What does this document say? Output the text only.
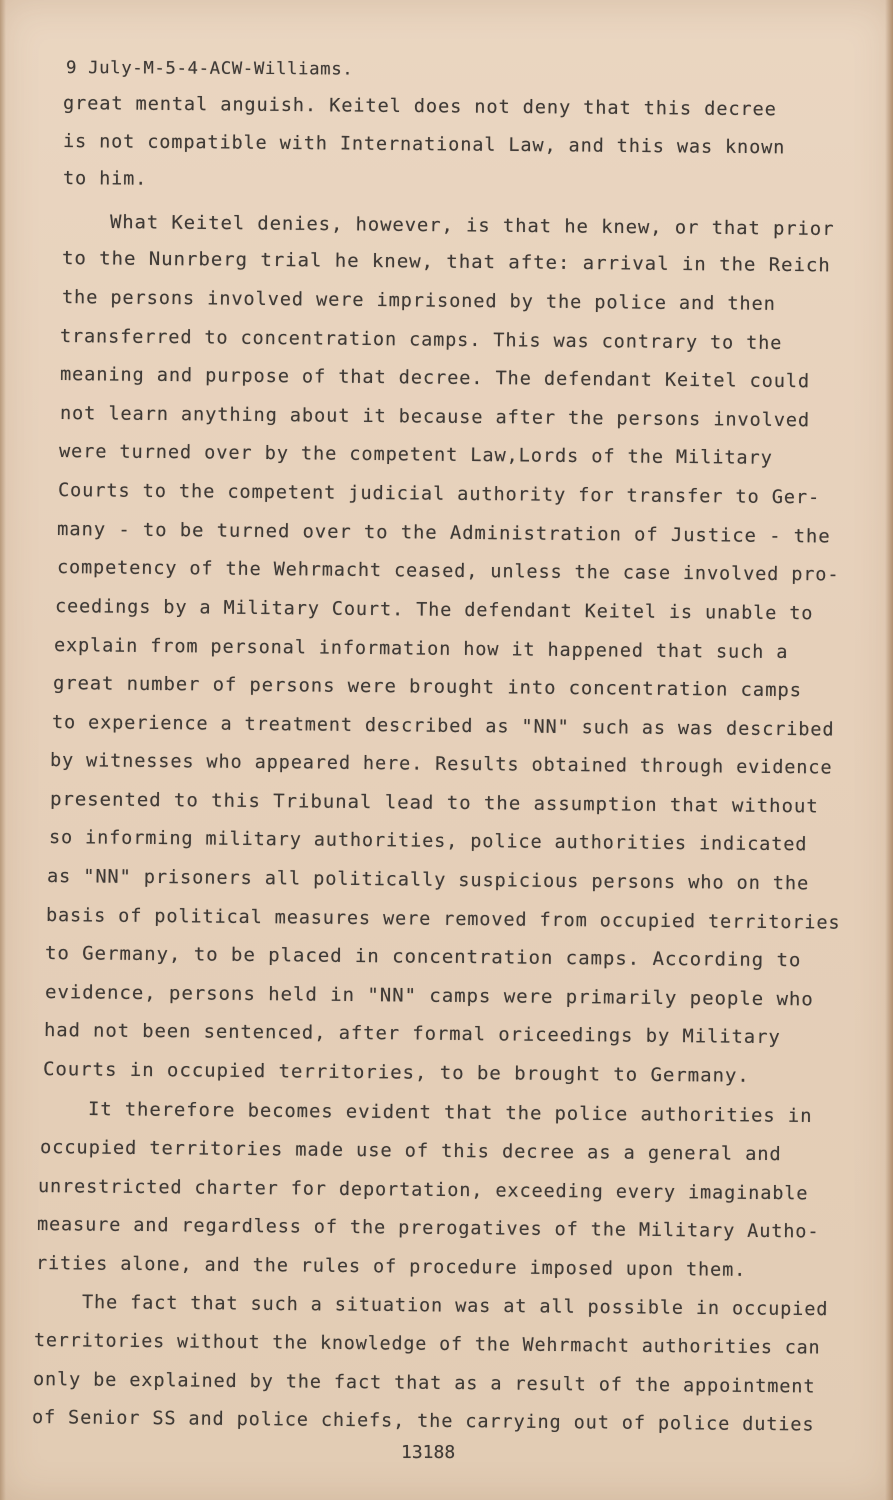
9 July-M-5-4-ACW-Williams.

great mental anguish. Keitel does not deny that this decree

is not compatible with International Law, and this was known

to him.

What Keitel denies, however, is that he knew, or that prior

to the Nunrberg trial he knew, that afte: arrival in the Reich

the persons involved were imprisoned by the police and then

transferred to concentration camps. This was contrary to the

meaning and purpose of that decree. The defendant Keitel could

not learn anything about it because after the persons involved

were turned over by the competent Law,Lords of the Military

Courts to the competent judicial authority for transfer to Ger-

many - to be turned over to the Administration of Justice - the

competency of the Wehrmacht ceased, unless the case involved pro-

ceedings by a Military Court. The defendant Keitel is unable to

explain from personal information how it happened that such a

great number of persons were brought into concentration camps

to experience a treatment described as "NN" such as was described

by witnesses who appeared here. Results obtained through evidence

presented to this Tribunal lead to the assumption that without

so informing military authorities, police authorities indicated

as "NN" prisoners all politically suspicious persons who on the

basis of political measures were removed from occupied territories

to Germany, to be placed in concentration camps. According to

evidence, persons held in "NN" camps were primarily people who

had not been sentenced, after formal oriceedings by Military

Courts in occupied territories, to be brought to Germany.

It therefore becomes evident that the police authorities in

occupied territories made use of this decree as a general and

unrestricted charter for deportation, exceeding every imaginable

measure and regardless of the prerogatives of the Military Autho-

rities alone, and the rules of procedure imposed upon them.

The fact that such a situation was at all possible in occupied

territories without the knowledge of the Wehrmacht authorities can

only be explained by the fact that as a result of the appointment

of Senior SS and police chiefs, the carrying out of police duties

13188
